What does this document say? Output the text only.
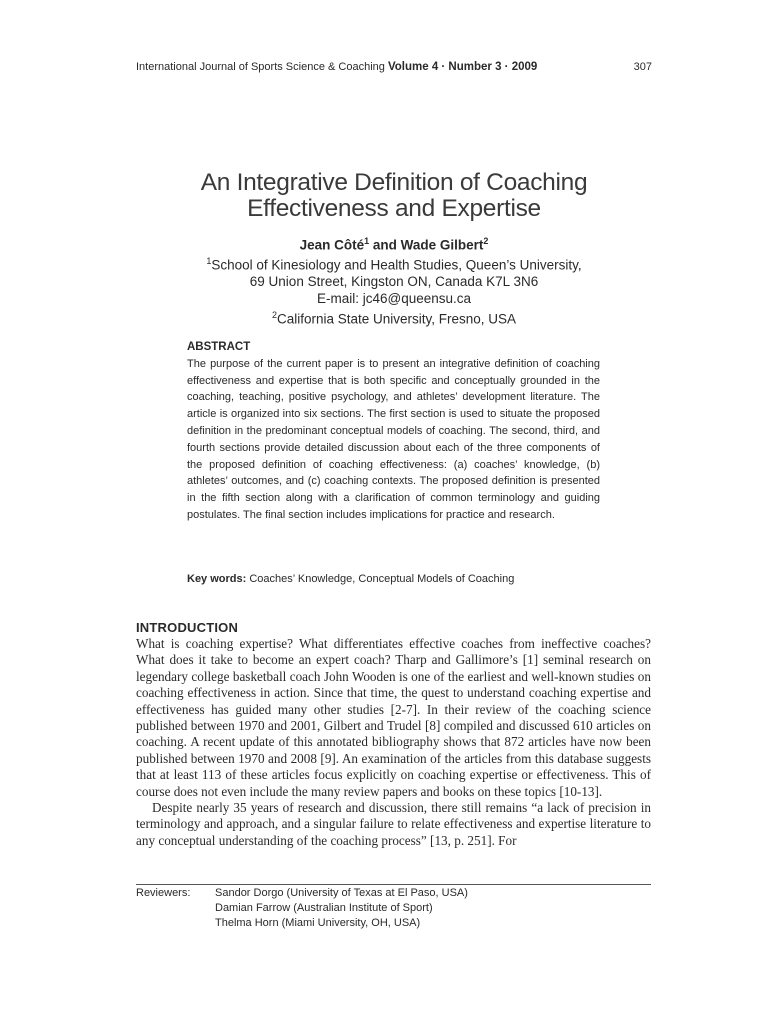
International Journal of Sports Science & Coaching Volume 4 · Number 3 · 2009	307
An Integrative Definition of Coaching
Effectiveness and Expertise
Jean Côté$^1$ and Wade Gilbert$^2$
$^1$School of Kinesiology and Health Studies, Queen’s University,
69 Union Street, Kingston ON, Canada K7L 3N6
E-mail: jc46@queensu.ca
$^2$California State University, Fresno, USA
ABSTRACT
The purpose of the current paper is to present an integrative definition of coaching effectiveness and expertise that is both specific and conceptually grounded in the coaching, teaching, positive psychology, and athletes’ development literature. The article is organized into six sections. The first section is used to situate the proposed definition in the predominant conceptual models of coaching. The second, third, and fourth sections provide detailed discussion about each of the three components of the proposed definition of coaching effectiveness: (a) coaches’ knowledge, (b) athletes’ outcomes, and (c) coaching contexts. The proposed definition is presented in the fifth section along with a clarification of common terminology and guiding postulates. The final section includes implications for practice and research.
Key words: Coaches’ Knowledge, Conceptual Models of Coaching
INTRODUCTION

What is coaching expertise? What differentiates effective coaches from ineffective coaches? What does it take to become an expert coach? Tharp and Gallimore’s [1] seminal research on legendary college basketball coach John Wooden is one of the earliest and well-known studies on coaching effectiveness in action. Since that time, the quest to understand coaching expertise and effectiveness has guided many other studies [2-7]. In their review of the coaching science published between 1970 and 2001, Gilbert and Trudel [8] compiled and discussed 610 articles on coaching. A recent update of this annotated bibliography shows that 872 articles have now been published between 1970 and 2008 [9]. An examination of the articles from this database suggests that at least 113 of these articles focus explicitly on coaching expertise or effectiveness. This of course does not even include the many review papers and books on these topics [10-13].

Despite nearly 35 years of research and discussion, there still remains “a lack of precision in terminology and approach, and a singular failure to relate effectiveness and expertise literature to any conceptual understanding of the coaching process” [13, p. 251]. For

Reviewers:	Sandor Dorgo (University of Texas at El Paso, USA)
Damian Farrow (Australian Institute of Sport)
Thelma Horn (Miami University, OH, USA)
